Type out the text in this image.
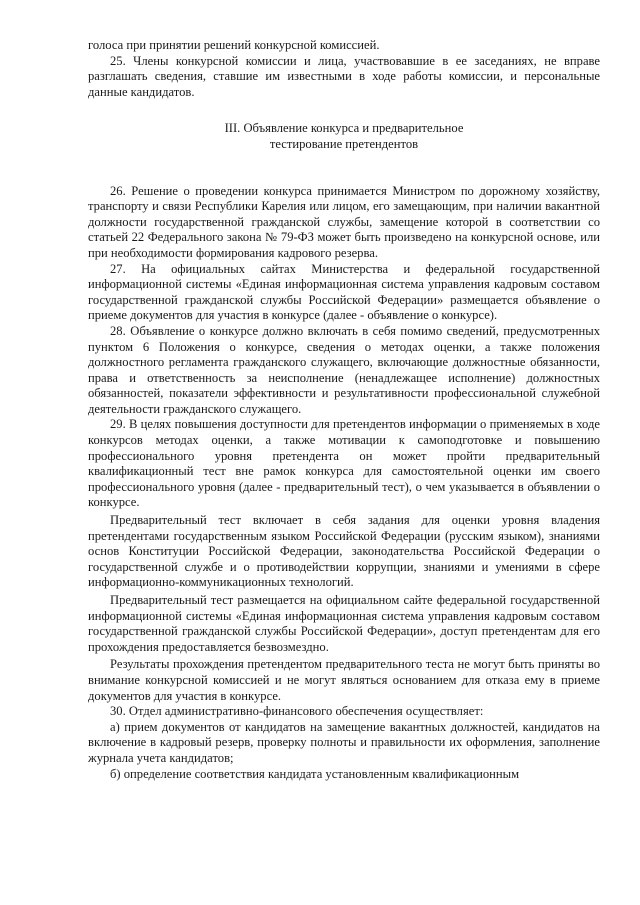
голоса при принятии решений конкурсной комиссией.

25. Члены конкурсной комиссии и лица, участвовавшие в ее заседаниях, не вправе разглашать сведения, ставшие им известными в ходе работы комиссии, и персональные данные кандидатов.

III. Объявление конкурса и предварительное
тестирование претендентов

26. Решение о проведении конкурса принимается Министром по дорожному хозяйству, транспорту и связи Республики Карелия или лицом, его замещающим, при наличии вакантной должности государственной гражданской службы, замещение которой в соответствии со статьей 22 Федерального закона № 79-ФЗ может быть произведено на конкурсной основе, или при необходимости формирования кадрового резерва.

27. На официальных сайтах Министерства и федеральной государственной информационной системы «Единая информационная система управления кадровым составом государственной гражданской службы Российской Федерации» размещается объявление о приеме документов для участия в конкурсе (далее - объявление о конкурсе).

28. Объявление о конкурсе должно включать в себя помимо сведений, предусмотренных пунктом 6 Положения о конкурсе, сведения о методах оценки, а также положения должностного регламента гражданского служащего, включающие должностные обязанности, права и ответственность за неисполнение (ненадлежащее исполнение) должностных обязанностей, показатели эффективности и результативности профессиональной служебной деятельности гражданского служащего.

29. В целях повышения доступности для претендентов информации о применяемых в ходе конкурсов методах оценки, а также мотивации к самоподготовке и повышению профессионального уровня претендента он может пройти предварительный квалификационный тест вне рамок конкурса для самостоятельной оценки им своего профессионального уровня (далее - предварительный тест), о чем указывается в объявлении о конкурсе.

Предварительный тест включает в себя задания для оценки уровня владения претендентами государственным языком Российской Федерации (русским языком), знаниями основ Конституции Российской Федерации, законодательства Российской Федерации о государственной службе и о противодействии коррупции, знаниями и умениями в сфере информационно-коммуникационных технологий.

Предварительный тест размещается на официальном сайте федеральной государственной информационной системы «Единая информационная система управления кадровым составом государственной гражданской службы Российской Федерации», доступ претендентам для его прохождения предоставляется безвозмездно.

Результаты прохождения претендентом предварительного теста не могут быть приняты во внимание конкурсной комиссией и не могут являться основанием для отказа ему в приеме документов для участия в конкурсе.

30. Отдел административно-финансового обеспечения осуществляет:

а) прием документов от кандидатов на замещение вакантных должностей, кандидатов на включение в кадровый резерв, проверку полноты и правильности их оформления, заполнение журнала учета кандидатов;

б) определение соответствия кандидата установленным квалификационным
